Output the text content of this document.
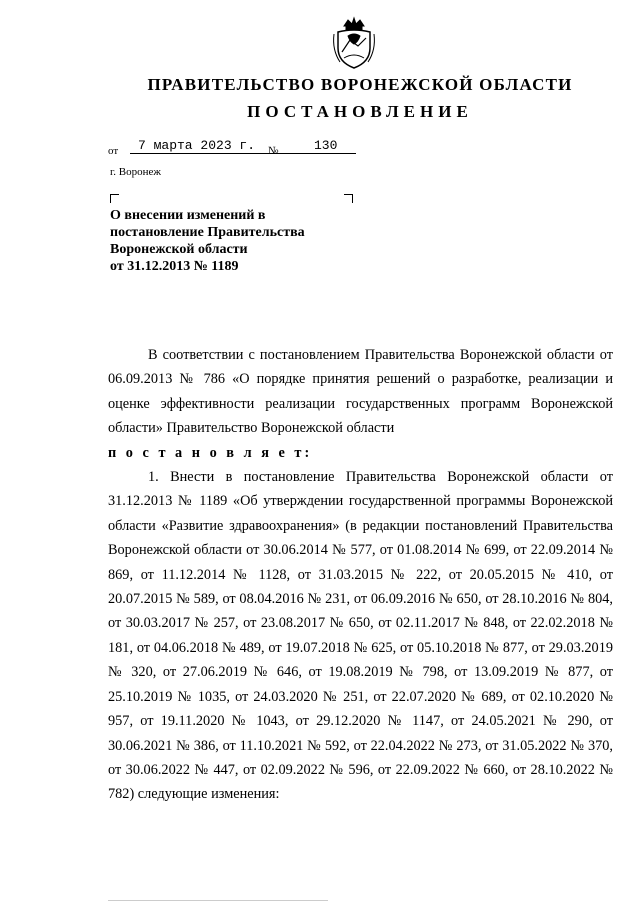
ПРАВИТЕЛЬСТВО ВОРОНЕЖСКОЙ ОБЛАСТИ
ПОСТАНОВЛЕНИЕ
от	7 марта 2023 г.	№	130
г. Воронеж
О внесении изменений в
постановление Правительства
Воронежской области
от 31.12.2013 № 1189

В соответствии с постановлением Правительства Воронежской области от 06.09.2013 № 786 «О порядке принятия решений о разработке, реализации и оценке эффективности реализации государственных программ Воронежской области» Правительство Воронежской области

п о с т а н о в л я е т:

1. Внести в постановление Правительства Воронежской области от 31.12.2013 № 1189 «Об утверждении государственной программы Воронежской области «Развитие здравоохранения» (в редакции постановлений Правительства Воронежской области от 30.06.2014 № 577, от 01.08.2014 № 699, от 22.09.2014 № 869, от 11.12.2014 № 1128, от 31.03.2015 № 222, от 20.05.2015 № 410, от 20.07.2015 № 589, от 08.04.2016 № 231, от 06.09.2016 № 650, от 28.10.2016 № 804, от 30.03.2017 № 257, от 23.08.2017 № 650, от 02.11.2017 № 848, от 22.02.2018 № 181, от 04.06.2018 № 489, от 19.07.2018 № 625, от 05.10.2018 № 877, от 29.03.2019 № 320, от 27.06.2019 № 646, от 19.08.2019 № 798, от 13.09.2019 № 877, от 25.10.2019 № 1035, от 24.03.2020 № 251, от 22.07.2020 № 689, от 02.10.2020 № 957, от 19.11.2020 № 1043, от 29.12.2020 № 1147, от 24.05.2021 № 290, от 30.06.2021 № 386, от 11.10.2021 № 592, от 22.04.2022 № 273, от 31.05.2022 № 370, от 30.06.2022 № 447, от 02.09.2022 № 596, от 22.09.2022 № 660, от 28.10.2022 № 782) следующие изменения:
